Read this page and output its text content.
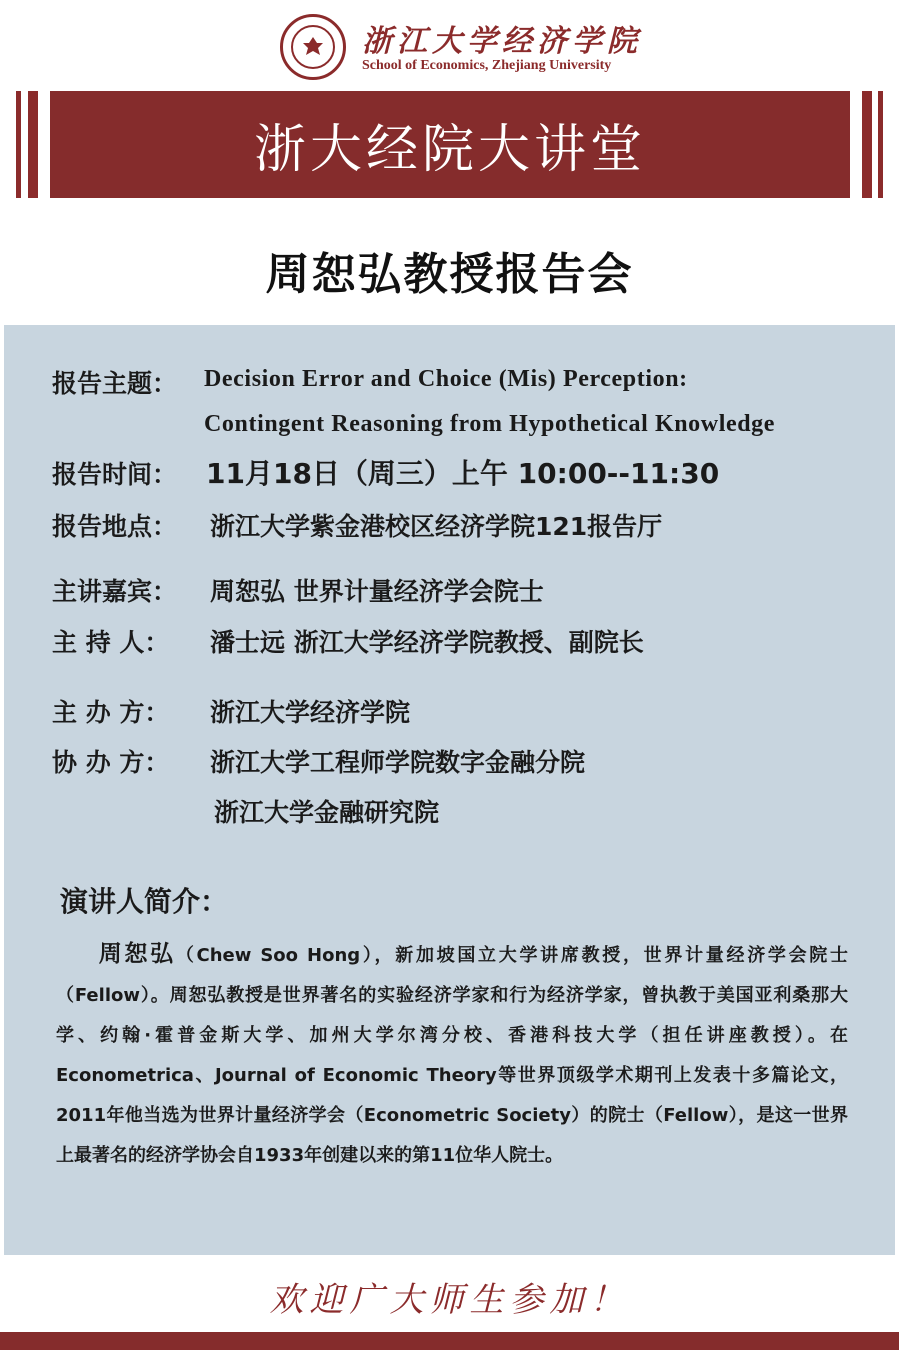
浙江大学经济学院
School of Economics, Zhejiang University
浙大经院大讲堂
周恕弘教授报告会
报告主题： Decision Error and Choice (Mis) Perception:
Contingent Reasoning from Hypothetical Knowledge
报告时间： 11月18日（周三）上午 10:00--11:30
报告地点： 浙江大学紫金港校区经济学院121报告厅
主讲嘉宾： 周恕弘 世界计量经济学会院士
主 持 人： 潘士远 浙江大学经济学院教授、副院长
主 办 方： 浙江大学经济学院
协 办 方： 浙江大学工程师学院数字金融分院
浙江大学金融研究院
演讲人简介：
周恕弘（Chew Soo Hong），新加坡国立大学讲席教授，世界计量经济学会院士（Fellow）。周恕弘教授是世界著名的实验经济学家和行为经济学家，曾执教于美国亚利桑那大学、约翰·霍普金斯大学、加州大学尔湾分校、香港科技大学（担任讲座教授）。在Econometrica、Journal of Economic Theory等世界顶级学术期刊上发表十多篇论文，2011年他当选为世界计量经济学会（Econometric Society）的院士（Fellow），是这一世界上最著名的经济学协会自1933年创建以来的第11位华人院士。
欢迎广大师生参加！
